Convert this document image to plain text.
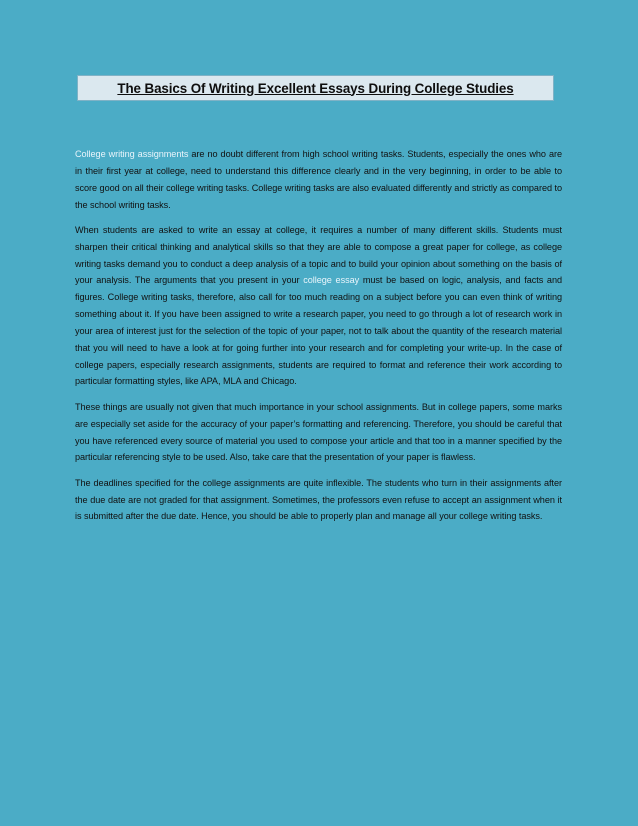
The Basics Of Writing Excellent Essays During College Studies

College writing assignments are no doubt different from high school writing tasks. Students, especially the ones who are in their first year at college, need to understand this difference clearly and in the very beginning, in order to be able to score good on all their college writing tasks. College writing tasks are also evaluated differently and strictly as compared to the school writing tasks.

When students are asked to write an essay at college, it requires a number of many different skills. Students must sharpen their critical thinking and analytical skills so that they are able to compose a great paper for college, as college writing tasks demand you to conduct a deep analysis of a topic and to build your opinion about something on the basis of your analysis. The arguments that you present in your college essay must be based on logic, analysis, and facts and figures. College writing tasks, therefore, also call for too much reading on a subject before you can even think of writing something about it. If you have been assigned to write a research paper, you need to go through a lot of research work in your area of interest just for the selection of the topic of your paper, not to talk about the quantity of the research material that you will need to have a look at for going further into your research and for completing your write-up. In the case of college papers, especially research assignments, students are required to format and reference their work according to particular formatting styles, like APA, MLA and Chicago.

These things are usually not given that much importance in your school assignments. But in college papers, some marks are especially set aside for the accuracy of your paper’s formatting and referencing. Therefore, you should be careful that you have referenced every source of material you used to compose your article and that too in a manner specified by the particular referencing style to be used. Also, take care that the presentation of your paper is flawless.

The deadlines specified for the college assignments are quite inflexible. The students who turn in their assignments after the due date are not graded for that assignment. Sometimes, the professors even refuse to accept an assignment when it is submitted after the due date. Hence, you should be able to properly plan and manage all your college writing tasks.
